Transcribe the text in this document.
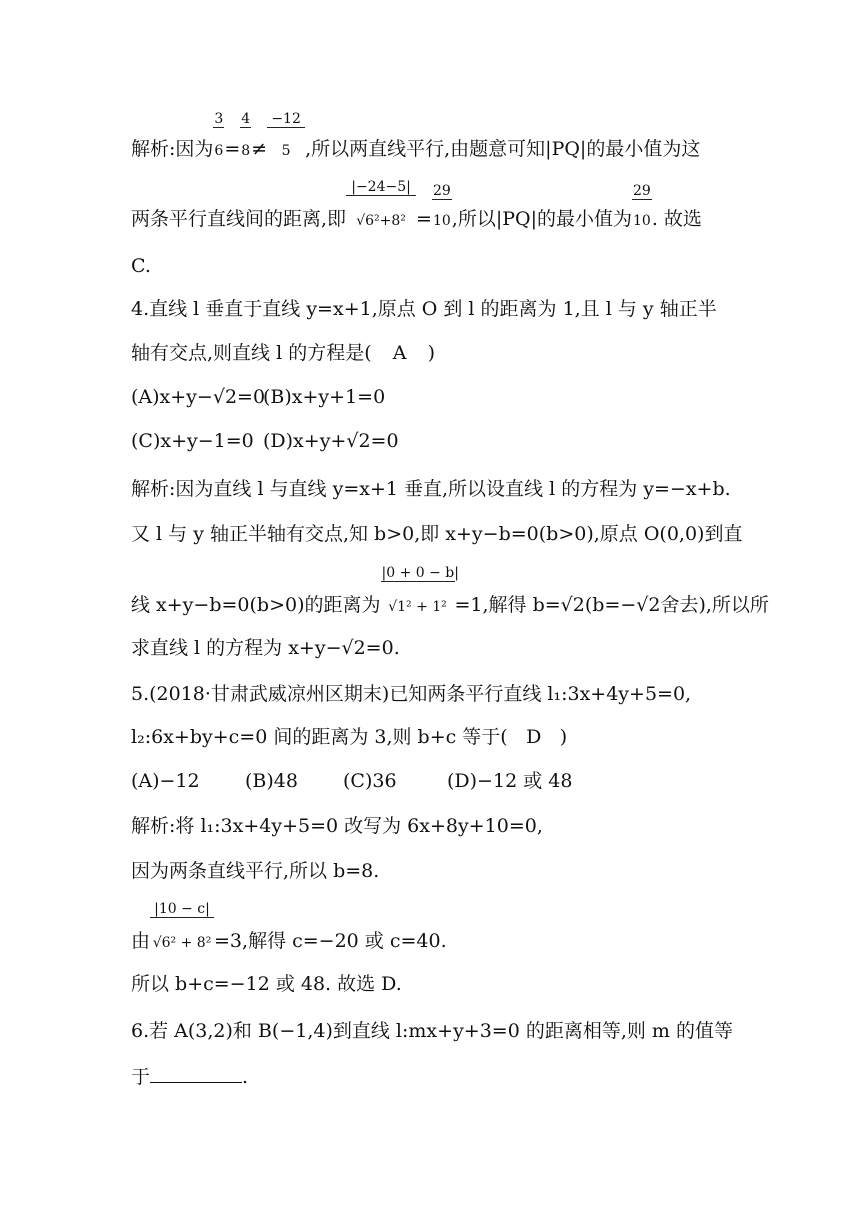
解析:因为 $\frac{3}{6}= \frac{4}{8}\ne \frac{-12}{5}$,所以两直线平行,由题意可知|PQ|的最小值为这
两条平行直线间的距离,即 $\frac{|-24-5|}{\text{√6²+8²}}= \frac{29}{10}$,所以|PQ|的最小值为 $\frac{29}{10}$. 故选
C.
4.直线 l 垂直于直线 y=x+1,原点 O 到 l 的距离为 1,且 l 与 y 轴正半
轴有交点,则直线 l 的方程是( A )
(A)x+y−√2=0(B)x+y+1=0
(C)x+y−1=0 (D)x+y+√2=0
解析:因为直线 l 与直线 y=x+1 垂直,所以设直线 l 的方程为 y=−x+b.
又 l 与 y 轴正半轴有交点,知 b>0,即 x+y−b=0(b>0),原点 O(0,0)到直
线 x+y−b=0(b>0)的距离为 $\frac{|0 + 0 - b|}{\text{√1² + 1²}}=1$,解得 b=√2(b=−√2舍去),所以所
求直线 l 的方程为 x+y−√2=0.
5.(2018·甘肃武威凉州区期末)已知两条平行直线 l₁:3x+4y+5=0,
l₂:6x+by+c=0 间的距离为 3,则 b+c 等于( D )
(A)−12 (B)48 (C)36	(D)−12 或 48
解析:将 l₁:3x+4y+5=0 改写为 6x+8y+10=0,
因为两条直线平行,所以 b=8.
由 $\frac{|10 - c|}{\text{√6² + 8²}}=3$,解得 c=−20 或 c=40.
所以 b+c=−12 或 48. 故选 D.
6.若 A(3,2)和 B(−1,4)到直线 l:mx+y+3=0 的距离相等,则 m 的值等
于	.
